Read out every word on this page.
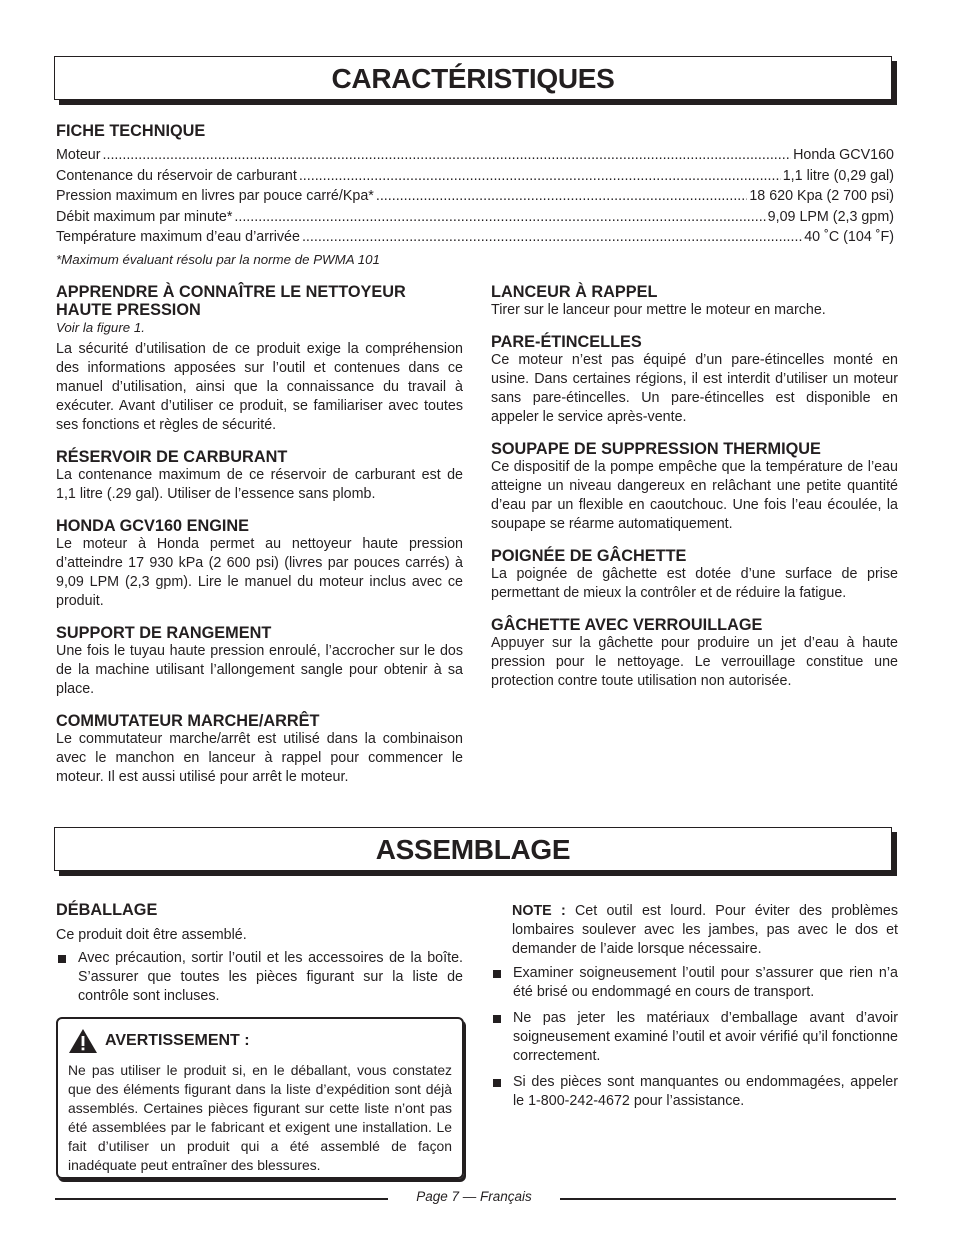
CARACTÉRISTIQUES
FICHE TECHNIQUE
Moteur .....	Honda GCV160
Contenance du réservoir de carburant .....	1,1 litre (0,29 gal)
Pression maximum en livres par pouce carré/Kpa* .....	18 620 Kpa (2 700 psi)
Débit maximum par minute* .....	9,09 LPM (2,3 gpm)
Température maximum d’eau d’arrivée .....	40 ˚C (104 ˚F)
*Maximum évaluant résolu par la norme de PWMA 101
APPRENDRE À CONNAÎTRE LE NETTOYEUR HAUTE PRESSION
Voir la figure 1.
La sécurité d’utilisation de ce produit exige la compréhension des informations apposées sur l’outil et contenues dans ce manuel d’utilisation, ainsi que la connaissance du travail à exécuter. Avant d’utiliser ce produit, se familiariser avec toutes ses fonctions et règles de sécurité.
RÉSERVOIR DE CARBURANT
La contenance maximum de ce réservoir de carburant est de 1,1 litre (.29 gal). Utiliser de l’essence sans plomb.
HONDA GCV160 ENGINE
Le moteur à Honda permet au nettoyeur haute pression d’atteindre 17 930 kPa (2 600 psi) (livres par pouces carrés) à 9,09 LPM (2,3 gpm). Lire le manuel du moteur inclus avec ce produit.
SUPPORT DE RANGEMENT
Une fois le tuyau haute pression enroulé, l’accrocher sur le dos de la machine utilisant l’allongement sangle pour obtenir à sa place.
COMMUTATEUR MARCHE/ARRÊT
Le commutateur marche/arrêt est utilisé dans la combinaison avec le manchon en lanceur à rappel pour commencer le moteur. Il est aussi utilisé pour arrêt le moteur.
LANCEUR À RAPPEL
Tirer sur le lanceur pour mettre le moteur en marche.
PARE-ÉTINCELLES
Ce moteur n’est pas équipé d’un pare-étincelles monté en usine. Dans certaines régions, il est interdit d’utiliser un moteur sans pare-étincelles. Un pare-étincelles est disponible en appeler le service après-vente.
SOUPAPE DE SUPPRESSION THERMIQUE
Ce dispositif de la pompe empêche que la température de l’eau atteigne un niveau dangereux en relâchant une petite quantité d’eau par un flexible en caoutchouc. Une fois l’eau écoulée, la soupape se réarme automatiquement.
POIGNÉE DE GÂCHETTE
La poignée de gâchette est dotée d’une surface de prise permettant de mieux la contrôler et de réduire la fatigue.
GÂCHETTE AVEC VERROUILLAGE
Appuyer sur la gâchette pour produire un jet d’eau à haute pression pour le nettoyage. Le verrouillage constitue une protection contre toute utilisation non autorisée.
ASSEMBLAGE
DÉBALLAGE
Ce produit doit être assemblé.
Avec précaution, sortir l’outil et les accessoires de la boîte. S’assurer que toutes les pièces figurant sur la liste de contrôle sont incluses.
AVERTISSEMENT :
Ne pas utiliser le produit si, en le déballant, vous constatez que des éléments figurant dans la liste d’expédition sont déjà assemblés. Certaines pièces figurant sur cette liste n’ont pas été assemblées par le fabricant et exigent une installation. Le fait d’utiliser un produit qui a été assemblé de façon inadéquate peut entraîner des blessures.
NOTE : Cet outil est lourd. Pour éviter des problèmes lombaires soulever avec les jambes, pas avec le dos et demander de l’aide lorsque nécessaire.
Examiner soigneusement l’outil pour s’assurer que rien n’a été brisé ou endommagé en cours de transport.
Ne pas jeter les matériaux d’emballage avant d’avoir soigneusement examiné l’outil et avoir vérifié qu’il fonctionne correctement.
Si des pièces sont manquantes ou endommagées, appeler le 1-800-242-4672 pour l’assistance.
Page 7 — Français
